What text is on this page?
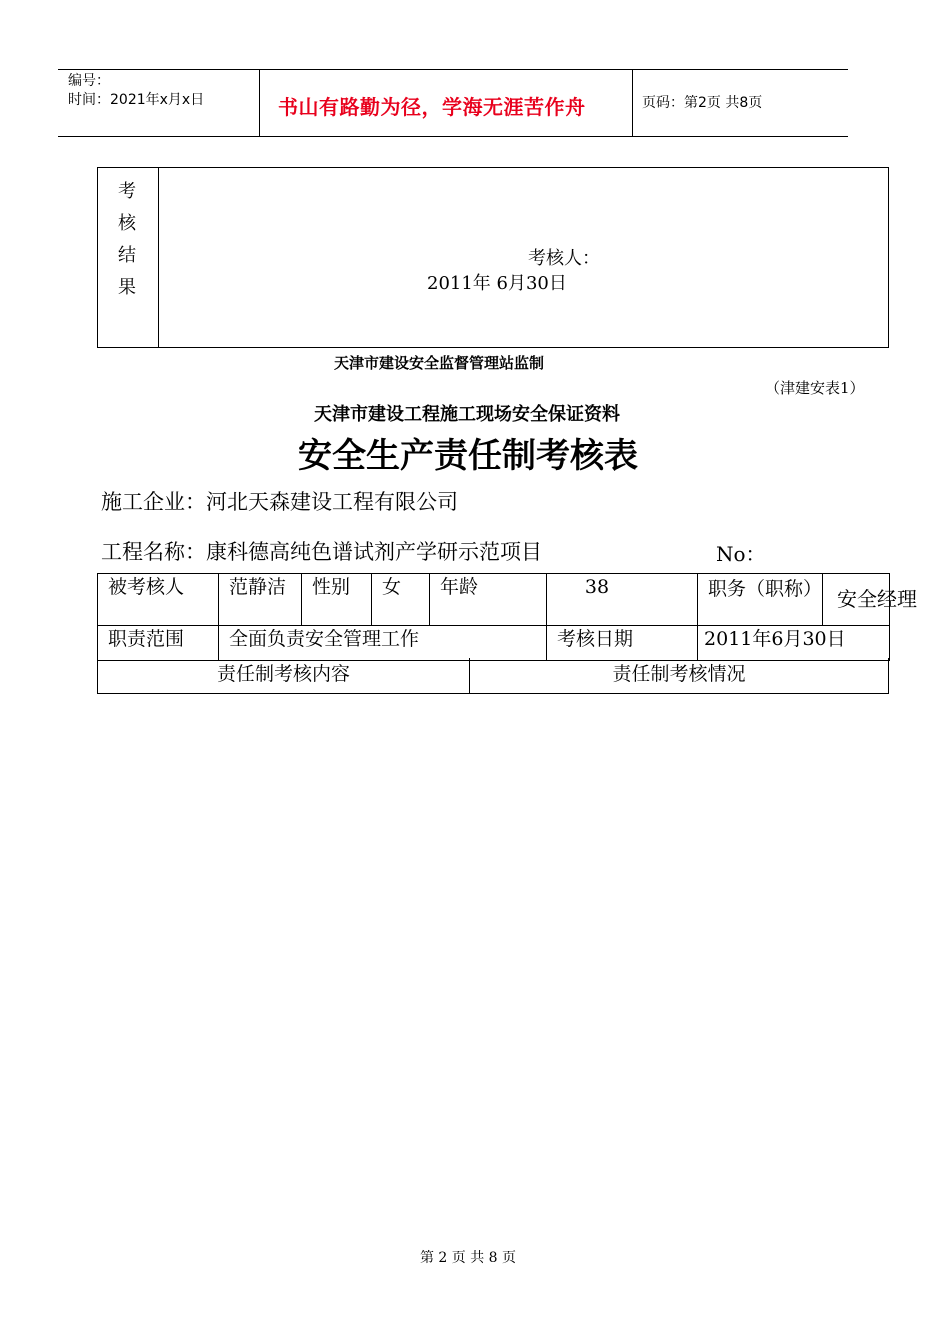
编号：
时间：2021年x月x日	书山有路勤为径，学海无涯苦作舟	页码：第2页 共8页
考
核
结
果
考核人：
2011年 6月30日
天津市建设安全监督管理站监制
（津建安表1）
天津市建设工程施工现场安全保证资料
安全生产责任制考核表
施工企业：河北天森建设工程有限公司
工程名称：康科德高纯色谱试剂产学研示范项目	No：
被考核人	范静洁	性别	女	年龄	38	职务（职称） 安全经理

职责范围	全面负责安全管理工作				考核日期	2011年6月30日
责任制考核内容	责任制考核情况
第 2 页 共 8 页
